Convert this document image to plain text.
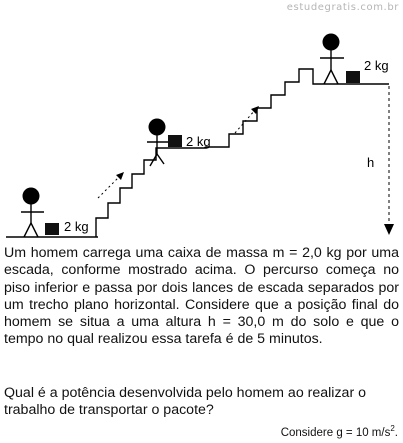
estudegratis.com.br
h
2 kg
2 kg
2 kg

Um homem carrega uma caixa de massa m = 2,0 kg por uma escada, conforme mostrado acima. O percurso começa no piso inferior e passa por dois lances de escada separados por um trecho plano horizontal. Considere que a posição final do homem se situa a uma altura h = 30,0 m do solo e que o tempo no qual realizou essa tarefa é de 5 minutos.

Qual é a potência desenvolvida pelo homem ao realizar o trabalho de transportar o pacote?

Considere g = 10 $m/s^2$.
